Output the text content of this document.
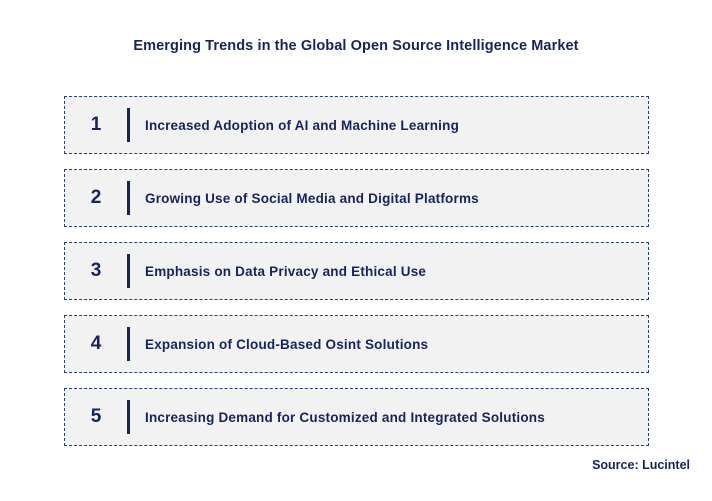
Emerging Trends in the Global Open Source Intelligence Market
1	Increased Adoption of AI and Machine Learning
2	Growing Use of Social Media and Digital Platforms
3	Emphasis on Data Privacy and Ethical Use
4	Expansion of Cloud-Based Osint Solutions
5	Increasing Demand for Customized and Integrated Solutions
Source: Lucintel
